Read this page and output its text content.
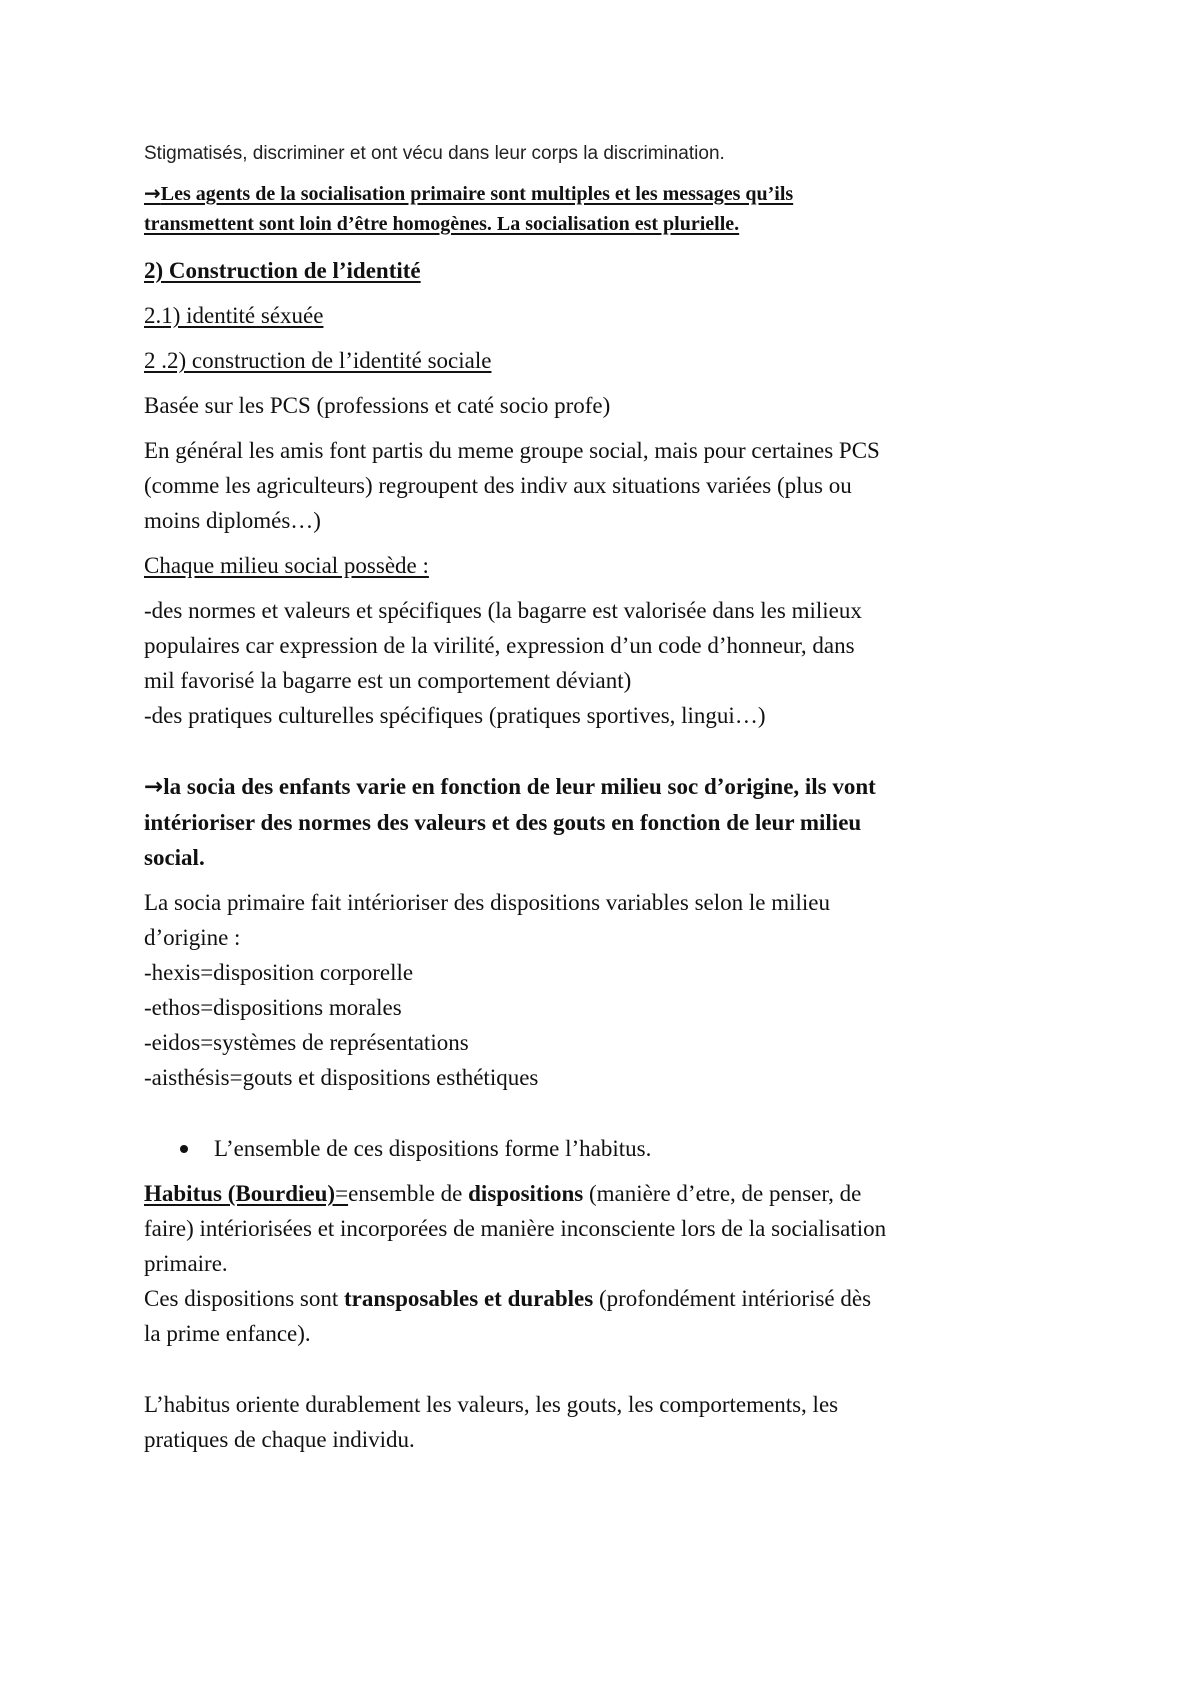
Stigmatisés, discriminer et ont vécu dans leur corps la discrimination.

→Les agents de la socialisation primaire sont multiples et les messages qu’ils

transmettent sont loin d’être homogènes. La socialisation est plurielle.

2) Construction de l’identité

2.1) identité séxuée

2 .2) construction de l’identité sociale

Basée sur les PCS (professions et caté socio profe)

En général les amis font partis du meme groupe social, mais pour certaines PCS

(comme les agriculteurs) regroupent des indiv aux situations variées (plus ou

moins diplomés…)

Chaque milieu social possède :

-des normes et valeurs et spécifiques (la bagarre est valorisée dans les milieux

populaires car expression de la virilité, expression d’un code d’honneur, dans

mil favorisé la bagarre est un comportement déviant)

-des pratiques culturelles spécifiques (pratiques sportives, lingui…)

→la socia des enfants varie en fonction de leur milieu soc d’origine, ils vont

intérioriser des normes des valeurs et des gouts en fonction de leur milieu

social.

La socia primaire fait intérioriser des dispositions variables selon le milieu

d’origine :

-hexis=disposition corporelle

-ethos=dispositions morales

-eidos=systèmes de représentations

-aisthésis=gouts et dispositions esthétiques

L’ensemble de ces dispositions forme l’habitus.

Habitus (Bourdieu)=ensemble de dispositions (manière d’etre, de penser, de

faire) intériorisées et incorporées de manière inconsciente lors de la socialisation

primaire.

Ces dispositions sont transposables et durables (profondément intériorisé dès

la prime enfance).

L’habitus oriente durablement les valeurs, les gouts, les comportements, les

pratiques de chaque individu.
